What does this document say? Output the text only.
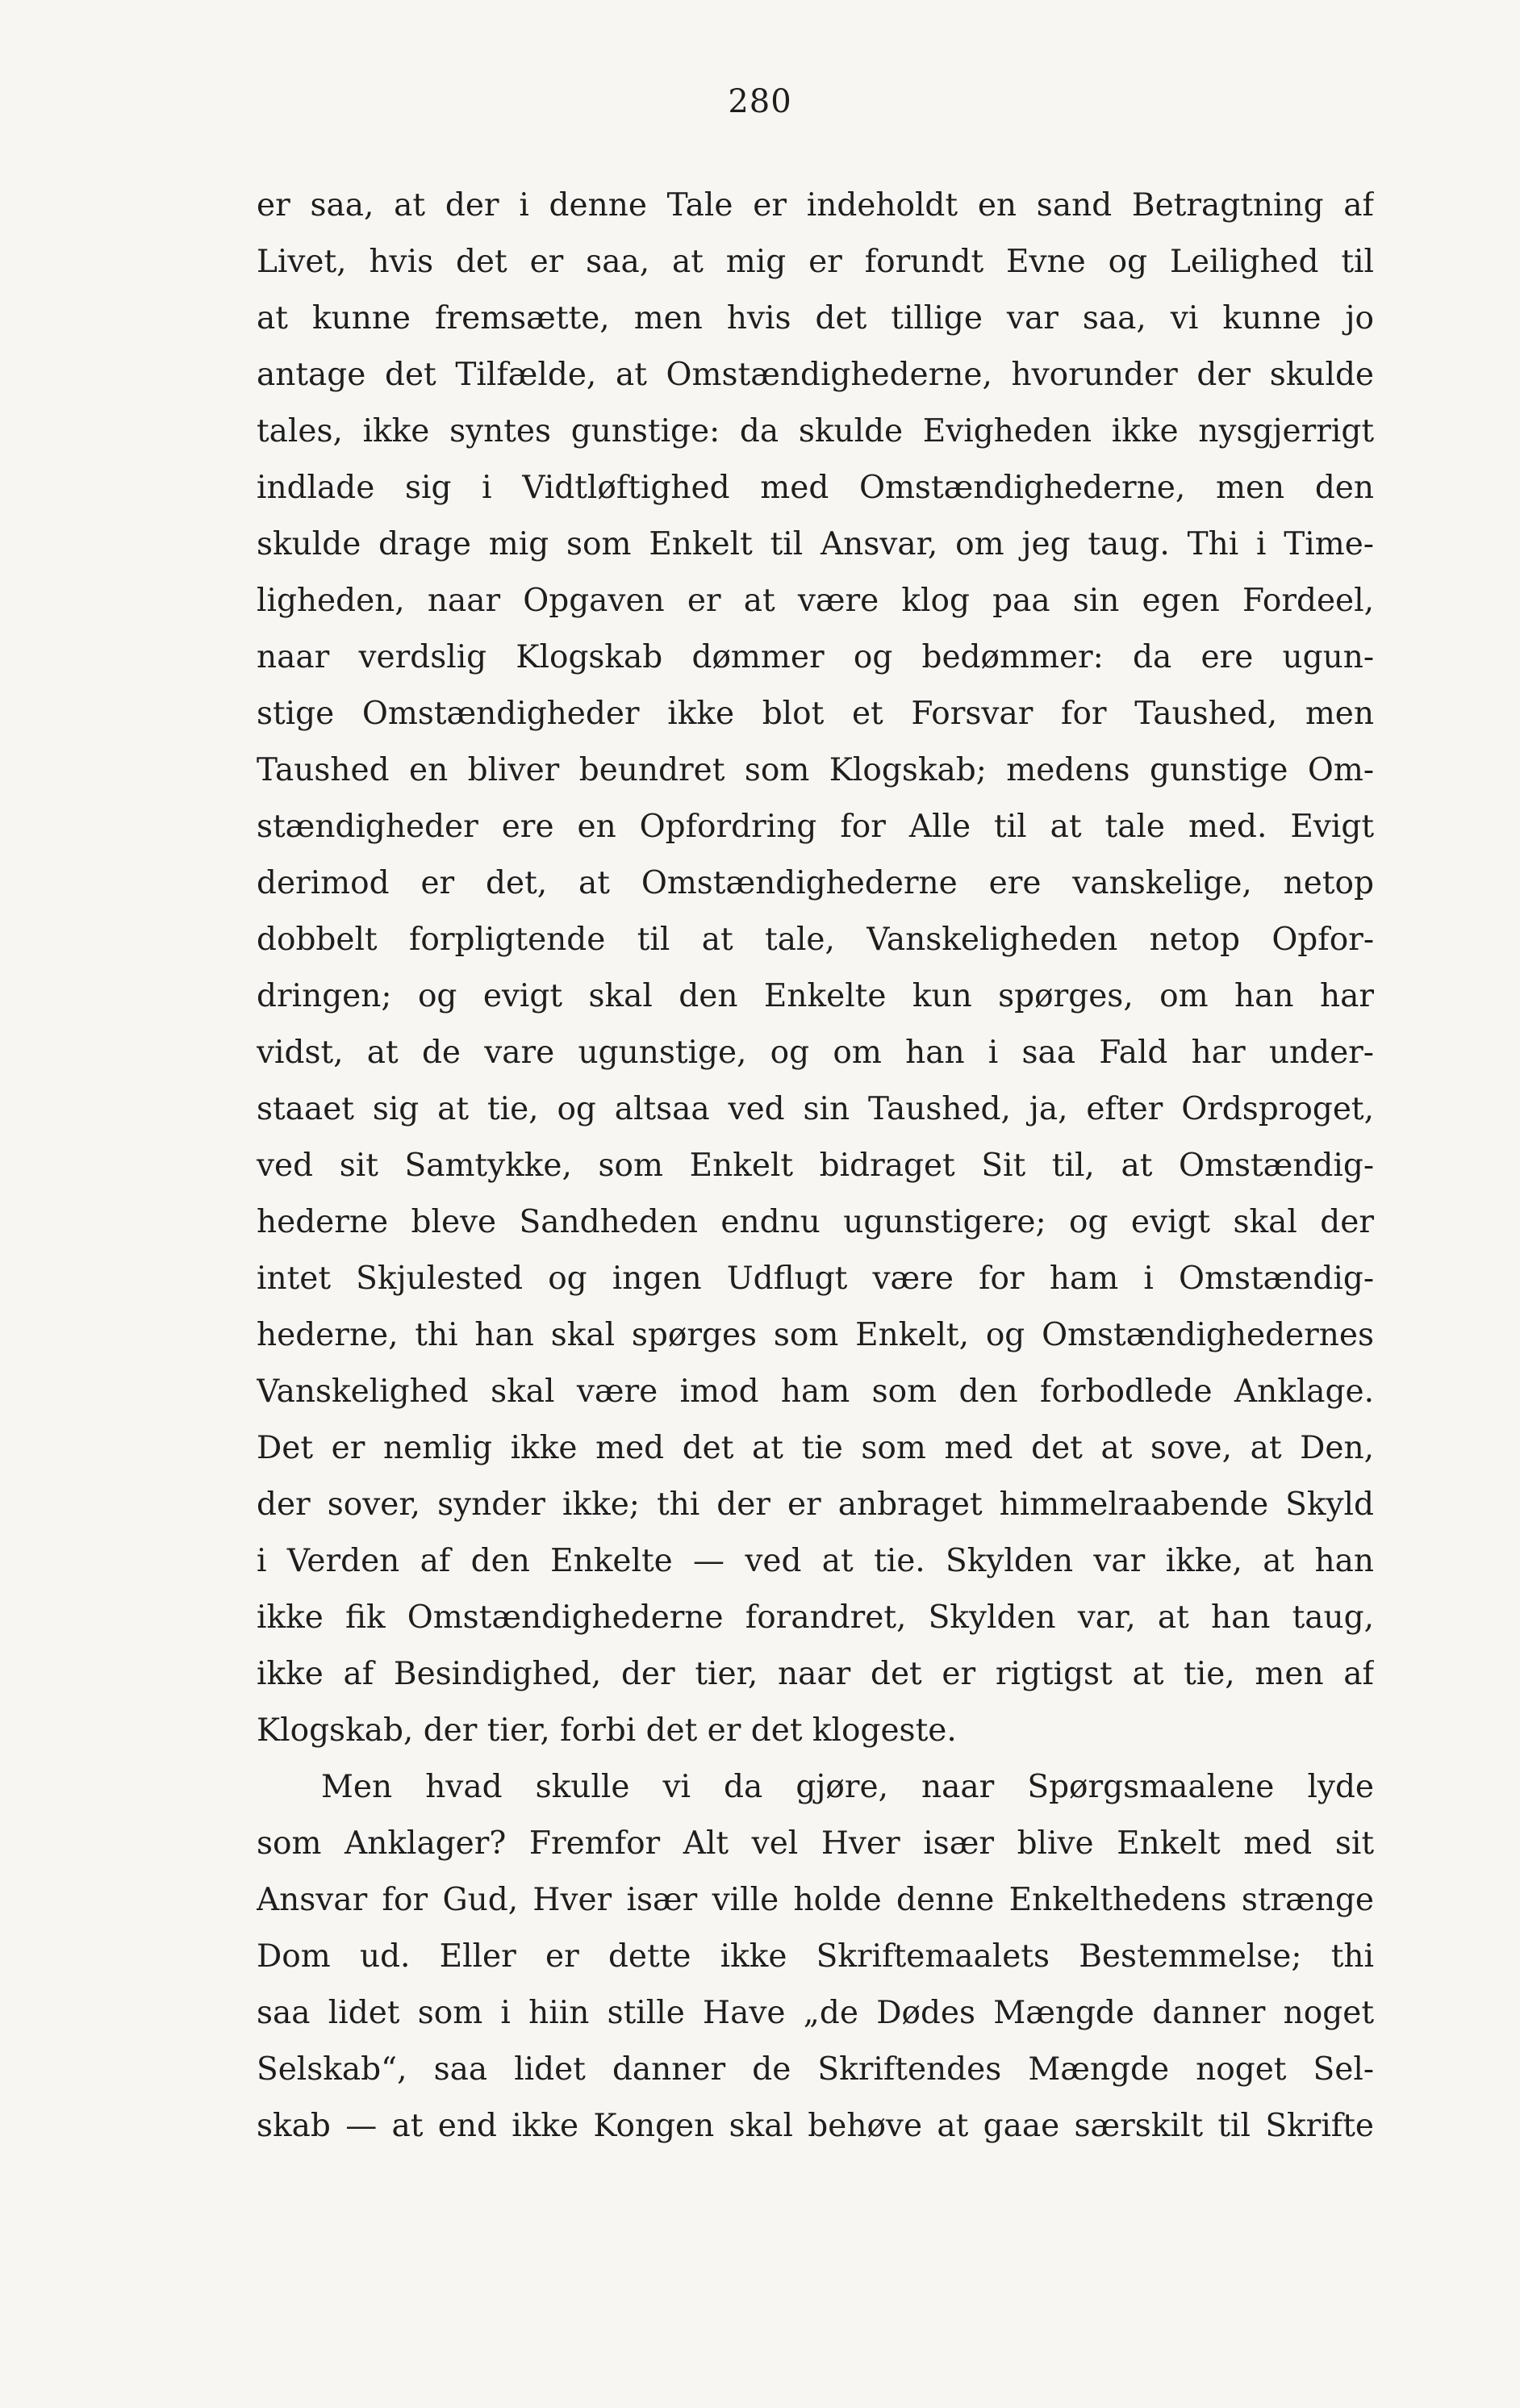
280
er saa, at der i denne Tale er indeholdt en sand Betragtning af
Livet, hvis det er saa, at mig er forundt Evne og Leilighed til
at kunne fremsætte, men hvis det tillige var saa, vi kunne jo
antage det Tilfælde, at Omstændighederne, hvorunder der skulde
tales, ikke syntes gunstige: da skulde Evigheden ikke nysgjerrigt
indlade sig i Vidtløftighed med Omstændighederne, men den
skulde drage mig som Enkelt til Ansvar, om jeg taug. Thi i Time-
ligheden, naar Opgaven er at være klog paa sin egen Fordeel,
naar verdslig Klogskab dømmer og bedømmer: da ere ugun-
stige Omstændigheder ikke blot et Forsvar for Taushed, men
Taushed en bliver beundret som Klogskab; medens gunstige Om-
stændigheder ere en Opfordring for Alle til at tale med. Evigt
derimod er det, at Omstændighederne ere vanskelige, netop
dobbelt forpligtende til at tale, Vanskeligheden netop Opfor-
dringen; og evigt skal den Enkelte kun spørges, om han har
vidst, at de vare ugunstige, og om han i saa Fald har under-
staaet sig at tie, og altsaa ved sin Taushed, ja, efter Ordsproget,
ved sit Samtykke, som Enkelt bidraget Sit til, at Omstændig-
hederne bleve Sandheden endnu ugunstigere; og evigt skal der
intet Skjulested og ingen Udflugt være for ham i Omstændig-
hederne, thi han skal spørges som Enkelt, og Omstændighedernes
Vanskelighed skal være imod ham som den forbodlede Anklage.
Det er nemlig ikke med det at tie som med det at sove, at Den,
der sover, synder ikke; thi der er anbraget himmelraabende Skyld
i Verden af den Enkelte — ved at tie. Skylden var ikke, at han
ikke fik Omstændighederne forandret, Skylden var, at han taug,
ikke af Besindighed, der tier, naar det er rigtigst at tie, men af
Klogskab, der tier, forbi det er det klogeste.
Men hvad skulle vi da gjøre, naar Spørgsmaalene lyde
som Anklager? Fremfor Alt vel Hver især blive Enkelt med sit
Ansvar for Gud, Hver især ville holde denne Enkelthedens strænge
Dom ud. Eller er dette ikke Skriftemaalets Bestemmelse; thi
saa lidet som i hiin stille Have „de Dødes Mængde danner noget
Selskab“, saa lidet danner de Skriftendes Mængde noget Sel-
skab — at end ikke Kongen skal behøve at gaae særskilt til Skrifte
